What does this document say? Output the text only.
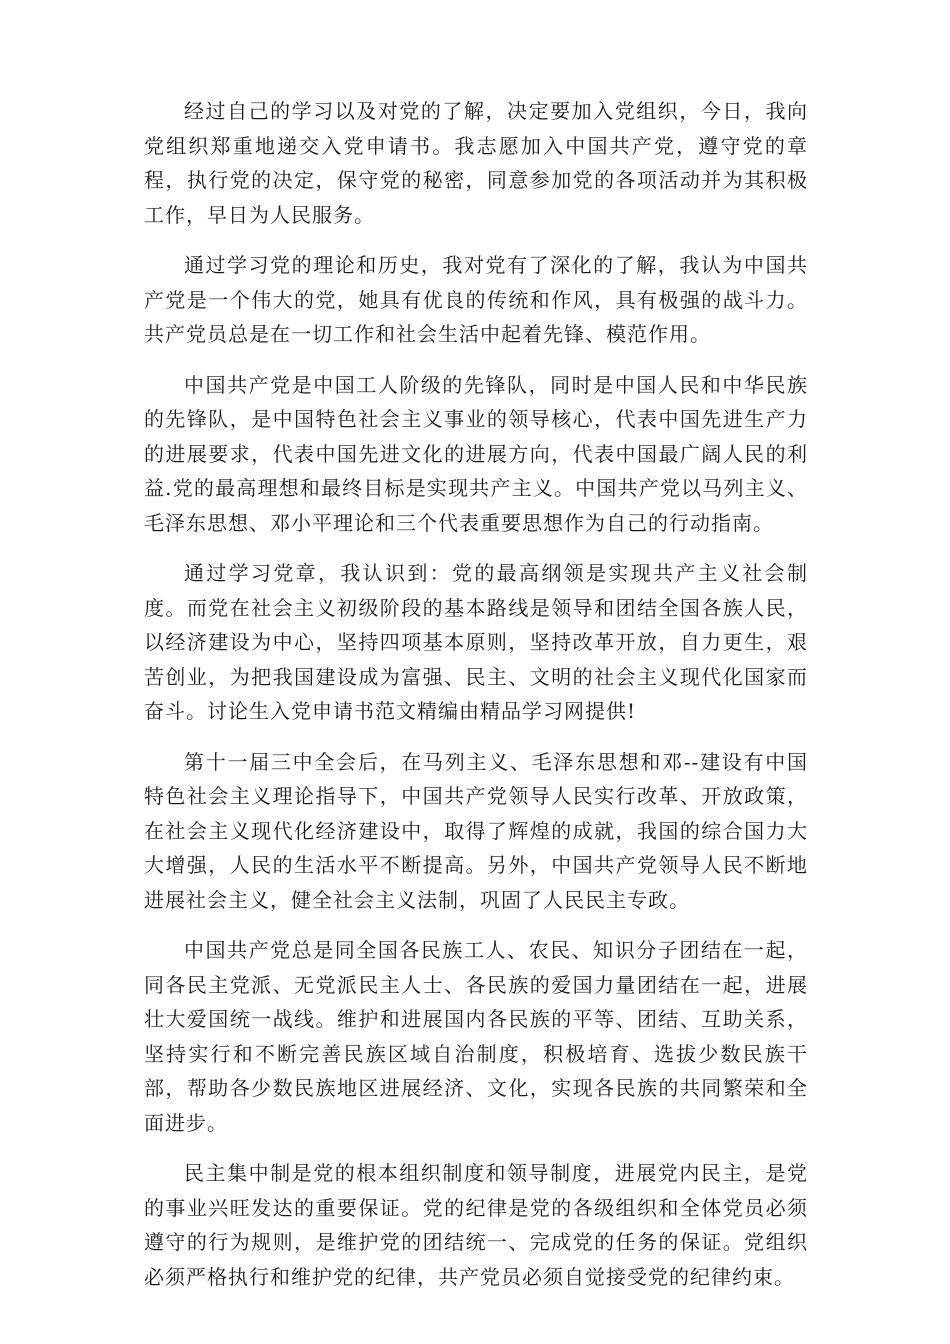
经过自己的学习以及对党的了解，决定要加入党组织，今日，我向党组织郑重地递交入党申请书。我志愿加入中国共产党，遵守党的章程，执行党的决定，保守党的秘密，同意参加党的各项活动并为其积极工作，早日为人民服务。

通过学习党的理论和历史，我对党有了深化的了解，我认为中国共产党是一个伟大的党，她具有优良的传统和作风，具有极强的战斗力。共产党员总是在一切工作和社会生活中起着先锋、模范作用。

中国共产党是中国工人阶级的先锋队，同时是中国人民和中华民族的先锋队，是中国特色社会主义事业的领导核心，代表中国先进生产力的进展要求，代表中国先进文化的进展方向，代表中国最广阔人民的利益.党的最高理想和最终目标是实现共产主义。中国共产党以马列主义、毛泽东思想、邓小平理论和三个代表重要思想作为自己的行动指南。

通过学习党章，我认识到：党的最高纲领是实现共产主义社会制度。而党在社会主义初级阶段的基本路线是领导和团结全国各族人民，以经济建设为中心，坚持四项基本原则，坚持改革开放，自力更生，艰苦创业，为把我国建设成为富强、民主、文明的社会主义现代化国家而奋斗。讨论生入党申请书范文精编由精品学习网提供!

第十一届三中全会后，在马列主义、毛泽东思想和邓--建设有中国特色社会主义理论指导下，中国共产党领导人民实行改革、开放政策，在社会主义现代化经济建设中，取得了辉煌的成就，我国的综合国力大大增强，人民的生活水平不断提高。另外，中国共产党领导人民不断地进展社会主义，健全社会主义法制，巩固了人民民主专政。

中国共产党总是同全国各民族工人、农民、知识分子团结在一起，同各民主党派、无党派民主人士、各民族的爱国力量团结在一起，进展壮大爱国统一战线。维护和进展国内各民族的平等、团结、互助关系，坚持实行和不断完善民族区域自治制度，积极培育、选拔少数民族干部，帮助各少数民族地区进展经济、文化，实现各民族的共同繁荣和全面进步。

民主集中制是党的根本组织制度和领导制度，进展党内民主，是党的事业兴旺发达的重要保证。党的纪律是党的各级组织和全体党员必须遵守的行为规则，是维护党的团结统一、完成党的任务的保证。党组织必须严格执行和维护党的纪律，共产党员必须自觉接受党的纪律约束。
